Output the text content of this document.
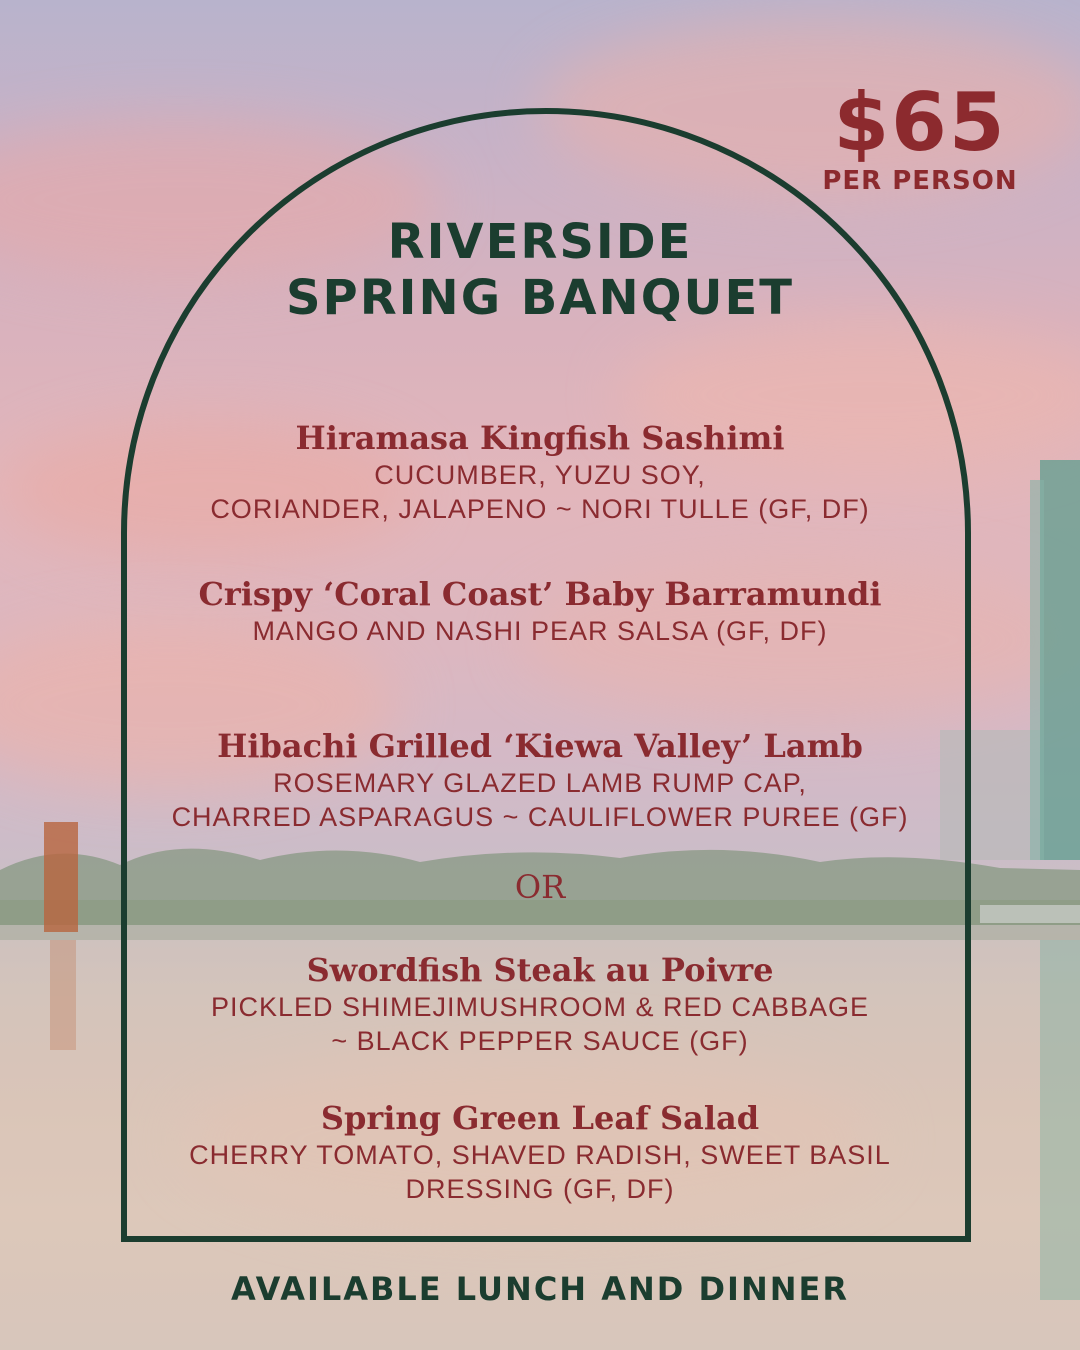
$65
PER PERSON
RIVERSIDE
SPRING BANQUET
Hiramasa Kingfish Sashimi
CUCUMBER, YUZU SOY,
CORIANDER, JALAPENO ~ NORI TULLE (GF, DF)
Crispy ‘Coral Coast’ Baby Barramundi
MANGO AND NASHI PEAR SALSA (GF, DF)
Hibachi Grilled ‘Kiewa Valley’ Lamb
ROSEMARY GLAZED LAMB RUMP CAP,
CHARRED ASPARAGUS ~ CAULIFLOWER PUREE (GF)
OR
Swordfish Steak au Poivre
PICKLED SHIMEJIMUSHROOM & RED CABBAGE
~ BLACK PEPPER SAUCE (GF)
Spring Green Leaf Salad
CHERRY TOMATO, SHAVED RADISH, SWEET BASIL
DRESSING (GF, DF)
AVAILABLE LUNCH AND DINNER
